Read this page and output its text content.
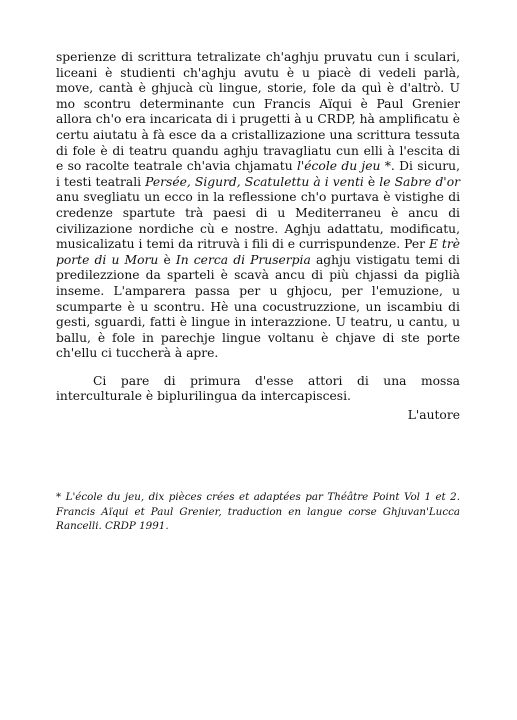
sperienze di scrittura tetralizate ch'aghju pruvatu cun i sculari, liceani è studienti ch'aghju avutu è u piacè di vedeli parlà, move, cantà è ghjucà cù lingue, storie, fole da quì è d'altrò. U mo scontru determinante cun Francis Aïqui è Paul Grenier allora ch'o era incaricata di i prugetti à u CRDP, hà amplificatu è certu aiutatu à fà esce da a cristallizazione una scrittura tessuta di fole è di teatru quandu aghju travagliatu cun elli à l'escita di e so racolte teatrale ch'avia chjamatu l'école du jeu *. Di sicuru, i testi teatrali Persée, Sigurd, Scatulettu à i venti è le Sabre d'or anu svegliatu un ecco in la reflessione ch'o purtava è vistighe di credenze spartute trà paesi di u Mediterraneu è ancu di civilizazione nordiche cù e nostre. Aghju adattatu, modificatu, musicalizatu i temi da ritruvà i fili di e currispundenze. Per E trè porte di u Moru è In cerca di Pruserpia aghju vistigatu temi di predilezzione da sparteli è scavà ancu di più chjassi da piglià inseme. L'amparera passa per u ghjocu, per l'emuzione, u scumparte è u scontru. Hè una cocustruzzione, un iscambiu di gesti, sguardi, fatti è lingue in interazzione. U teatru, u cantu, u ballu, è fole in parechje lingue voltanu è chjave di ste porte ch'ellu ci tuccherà à apre.

Ci pare di primura d'esse attori di una mossa interculturale è biplurilingua da intercapiscesi.

L'autore

* L'école du jeu, dix pièces crées et adaptées par Théâtre Point Vol 1 et 2. Francis Aïqui et Paul Grenier, traduction en langue corse Ghjuvan'Lucca Rancelli. CRDP 1991.
